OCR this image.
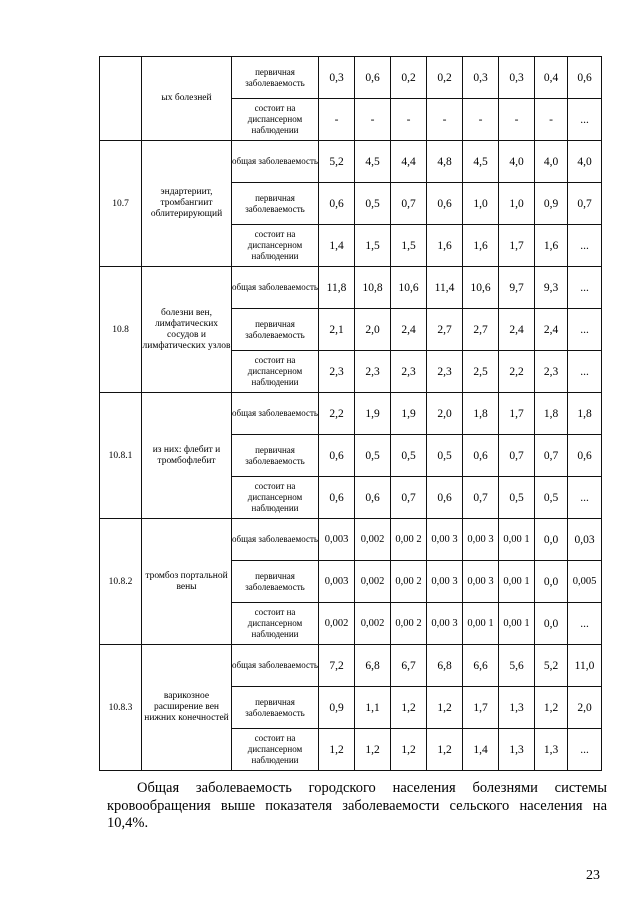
	ых болезней	первичная заболеваемость	0,3	0,6	0,2	0,2	0,3	0,3	0,4	0,6
		состоит на диспансерном наблюдении	-	-	-	-	-	-	-	...
10.7	эндартериит, тромбангиит облитерирующий	общая заболеваемость	5,2	4,5	4,4	4,8	4,5	4,0	4,0	4,0
		первичная заболеваемость	0,6	0,5	0,7	0,6	1,0	1,0	0,9	0,7
		состоит на диспансерном наблюдении	1,4	1,5	1,5	1,6	1,6	1,7	1,6	...
10.8	болезни вен, лимфатических сосудов и лимфатических узлов	общая заболеваемость	11,8	10,8	10,6	11,4	10,6	9,7	9,3	...
		первичная заболеваемость	2,1	2,0	2,4	2,7	2,7	2,4	2,4	...
		состоит на диспансерном наблюдении	2,3	2,3	2,3	2,3	2,5	2,2	2,3	...
10.8.1	из них: флебит и тромбофлебит	общая заболеваемость	2,2	1,9	1,9	2,0	1,8	1,7	1,8	1,8
		первичная заболеваемость	0,6	0,5	0,5	0,5	0,6	0,7	0,7	0,6
		состоит на диспансерном наблюдении	0,6	0,6	0,7	0,6	0,7	0,5	0,5	...
10.8.2	тромбоз портальной вены	общая заболеваемость	0,003	0,002	0,00 2	0,00 3	0,00 3	0,00 1	0,0	0,03
		первичная заболеваемость	0,003	0,002	0,00 2	0,00 3	0,00 3	0,00 1	0,0	0,005
		состоит на диспансерном наблюдении	0,002	0,002	0,00 2	0,00 3	0,00 1	0,00 1	0,0	...
10.8.3	варикозное расширение вен нижних конечностей	общая заболеваемость	7,2	6,8	6,7	6,8	6,6	5,6	5,2	11,0
		первичная заболеваемость	0,9	1,1	1,2	1,2	1,7	1,3	1,2	2,0
		состоит на диспансерном наблюдении	1,2	1,2	1,2	1,2	1,4	1,3	1,3	...

Общая заболеваемость городского населения болезнями системы кровообращения выше показателя заболеваемости сельского населения на 10,4%.

23
